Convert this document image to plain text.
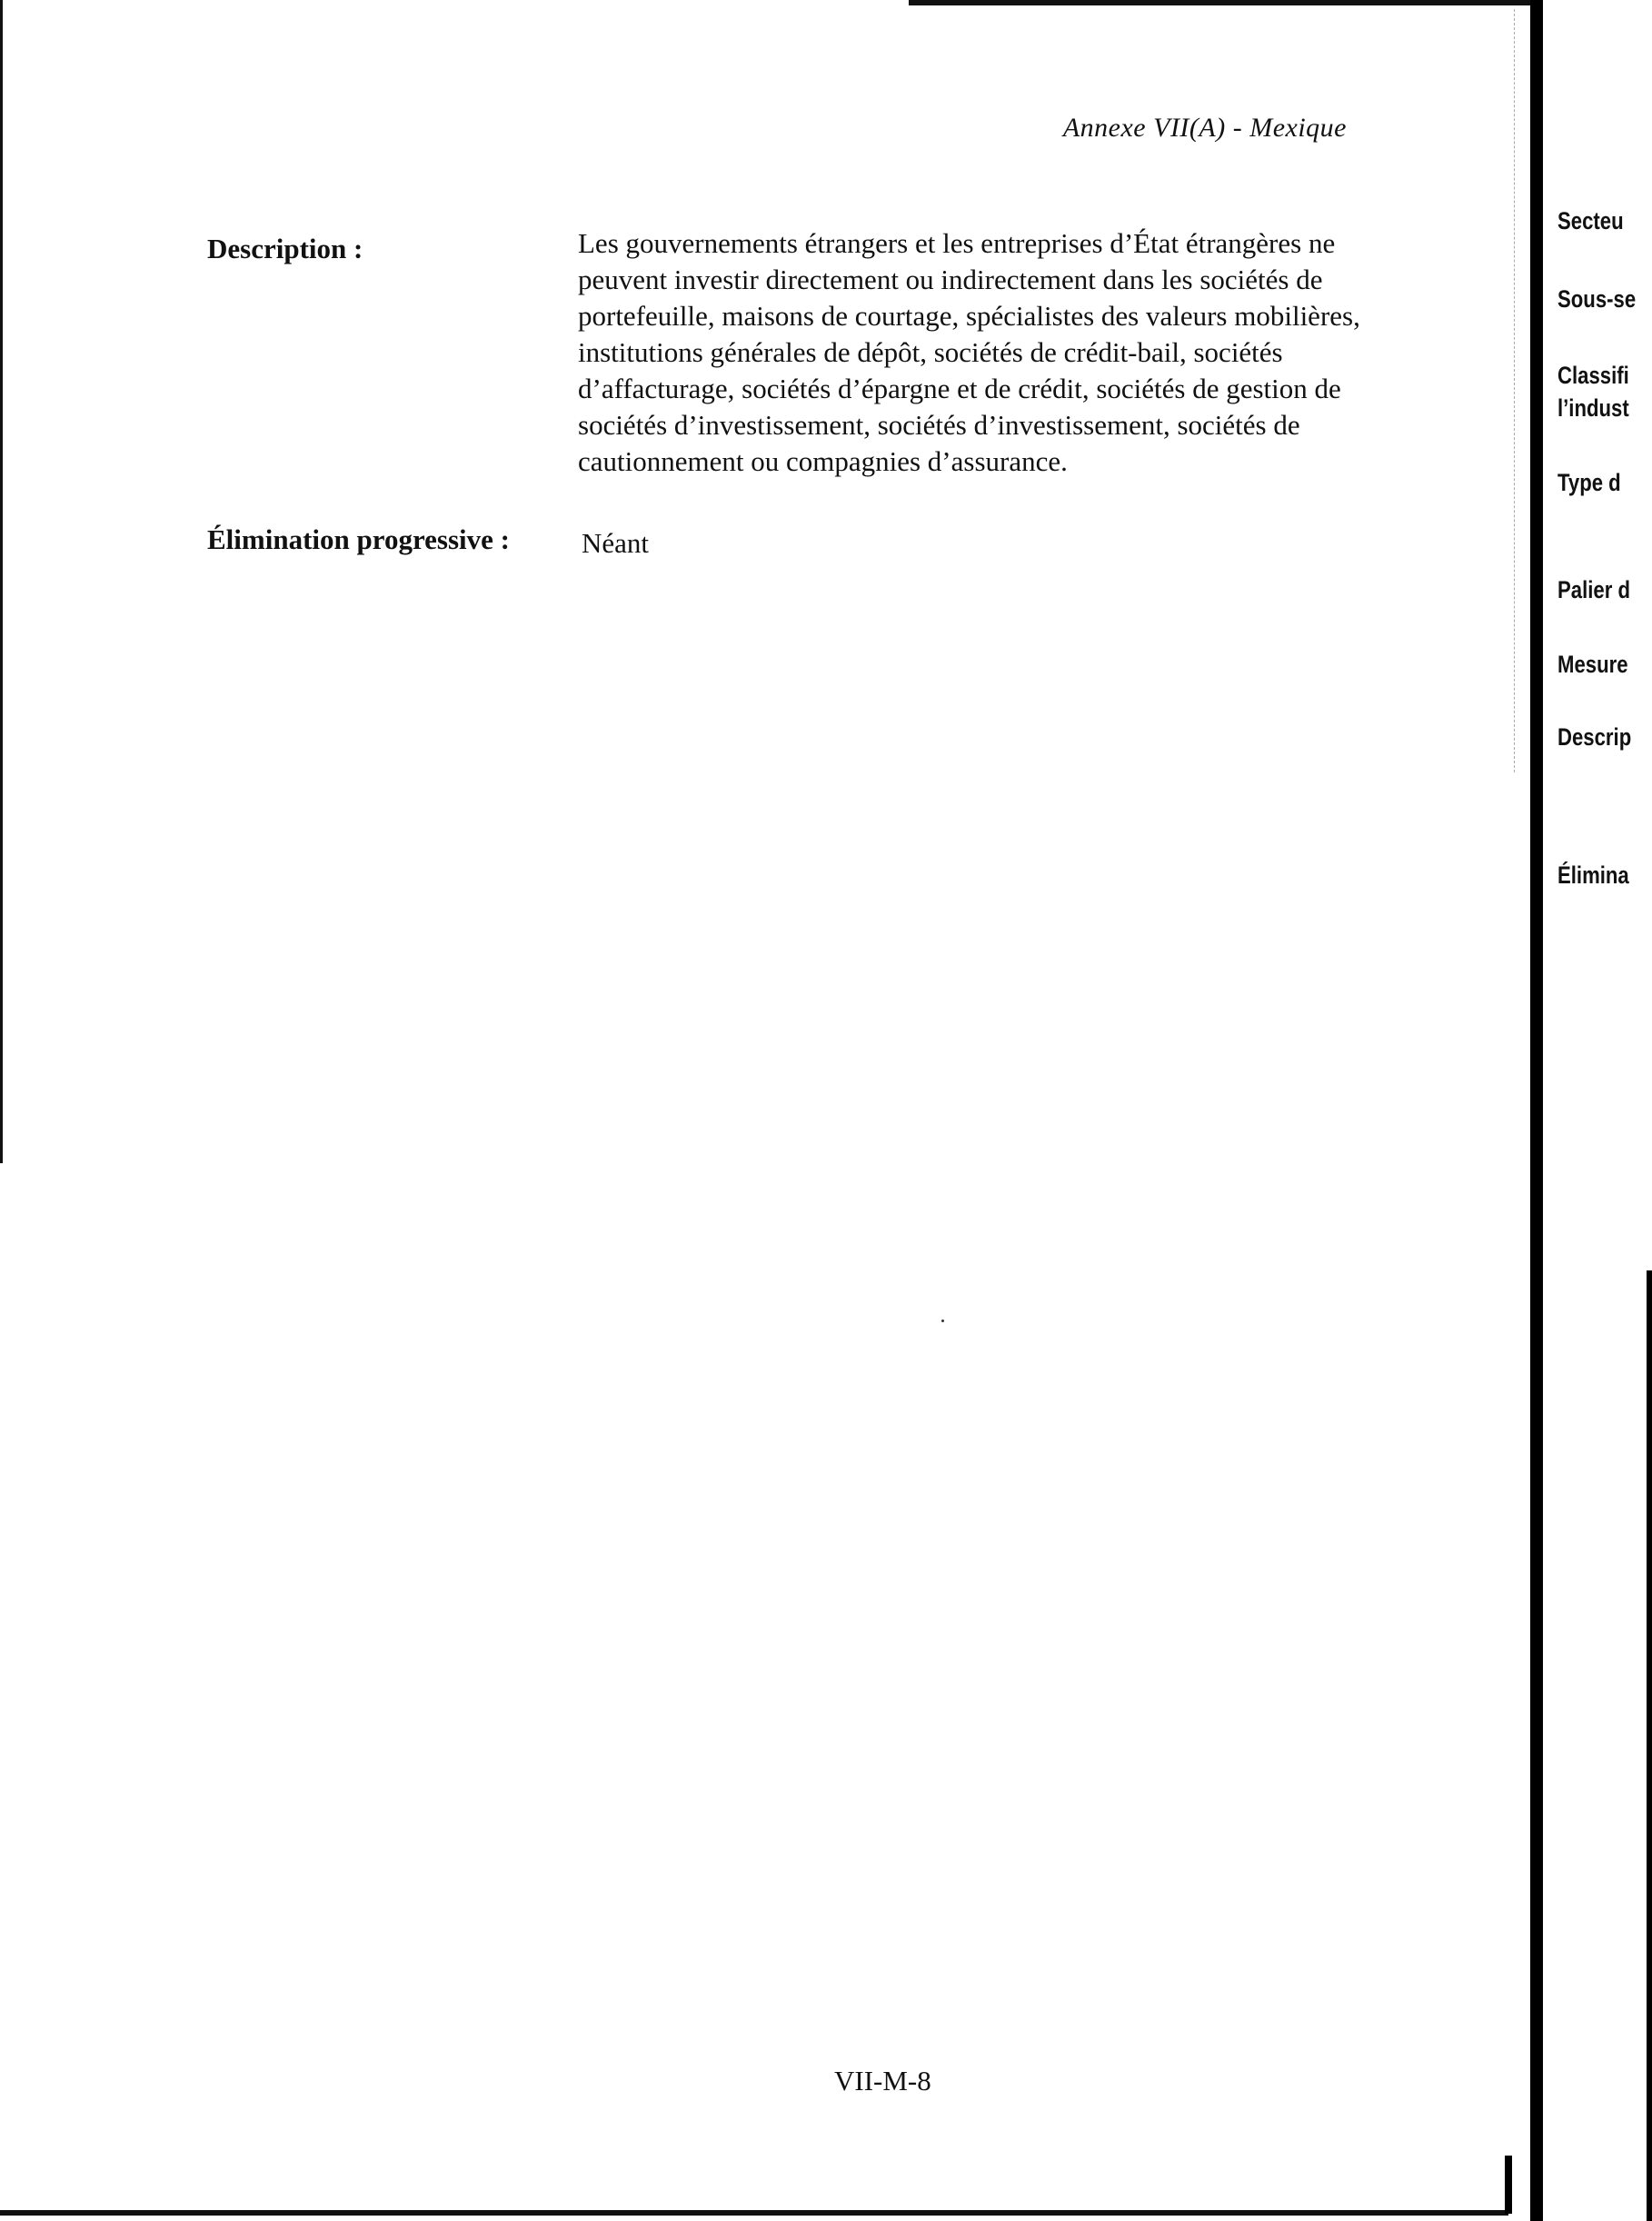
Annexe VII(A) - Mexique
Description :	Les gouvernements étrangers et les entreprises d’État étrangères ne
peuvent investir directement ou indirectement dans les sociétés de
portefeuille, maisons de courtage, spécialistes des valeurs mobilières,
institutions générales de dépôt, sociétés de crédit-bail, sociétés
d’affacturage, sociétés d’épargne et de crédit, sociétés de gestion de
sociétés d’investissement, sociétés d’investissement, sociétés de
cautionnement ou compagnies d’assurance.
Élimination progressive :	Néant
VII-M-8
Secteu
Sous-se
Classifi
l’indust
Type d
Palier d
Mesure
Descrip
Élimina
